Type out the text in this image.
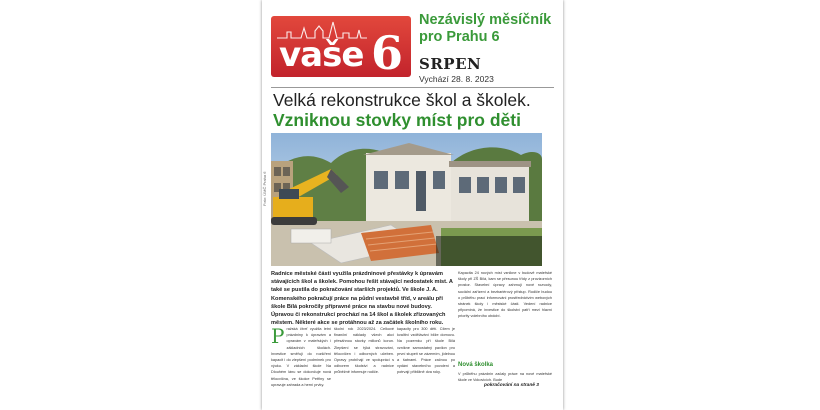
vaše 6
Nezávislý měsíčník pro Prahu 6
SRPEN
Vychází 28. 8. 2023
Velká rekonstrukce škol a školek.
Vzniknou stovky míst pro děti
Foto: ÚMČ Praha 6
Radnice městské části využila prázdninové přestávky k úpravám stávajících škol a školek. Pomohou řešit stávající nedostatek míst. A také se pustila do pokračování starších projektů. Ve škole J. A. Komenského pokračují práce na půdní vestavbě tříd, v areálu při škole Bílá pokročily přípravné práce na stavbu nové budovy. Úpravou či rekonstrukcí prochází na 14 škol a školek zřizovaných městem. Některé akce se protáhnou až za začátek školního roku.
Pražská čtvrť využila letní prázdniny k úpravám a opravám v mateřských i základních školách. Investice směřují do rozšíření kapacit i do zlepšení podmínek pro výuku. V základní škole Na Dlouhém lánu se dokončuje nová tělocvična, ve školce Petřiny se upravuje zahrada a herní prvky.
školní rok 2023/2024. Celkové finanční náklady všech akcí přesáhnou stovky milionů korun. Zlepšení se týká stravování, tělocvičen i odborných učeben. Opravy probíhají ve spolupráci s odborem školství a radnice průběžně informuje rodiče.
kapacity pro 300 dětí. Cílem je kvalitní vzdělávání blíže domovu. Na pozemku při škole Bílá vznikne samostatný pavilon pro první stupeň se zázemím, jídelnou a šatnami. Práce začnou po vydání stavebního povolení a potrvají přibližně dva roky.
Kapacita 24 nových míst vznikne v budově mateřské školy při ZŠ Bílá, kam se přesunou třídy z provizorních prostor. Stavební úpravy zahrnují nové rozvody, sociální zařízení a bezbariérový přístup. Rodiče budou o průběhu prací informováni prostřednictvím webových stránek školy i městské části. Vedení radnice připomíná, že investice do školství patří mezi hlavní priority volebního období.
Nová školka
V průběhu prázdnin začaly práce na nové mateřské škole ve Vokovicích. Bude
pokračování na straně 3
